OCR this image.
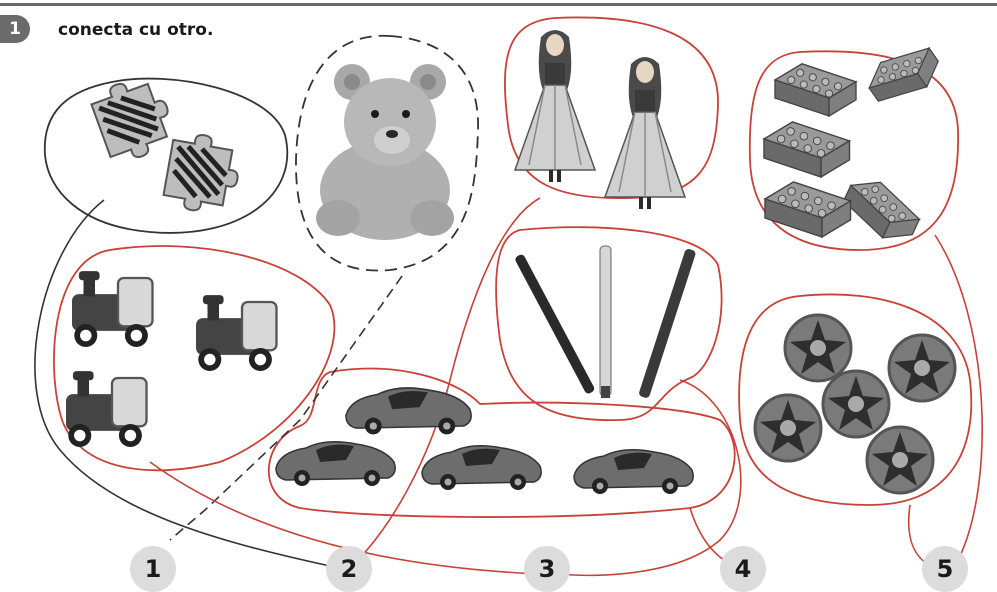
1	conecta cu otro.
1	2	3	4	5
